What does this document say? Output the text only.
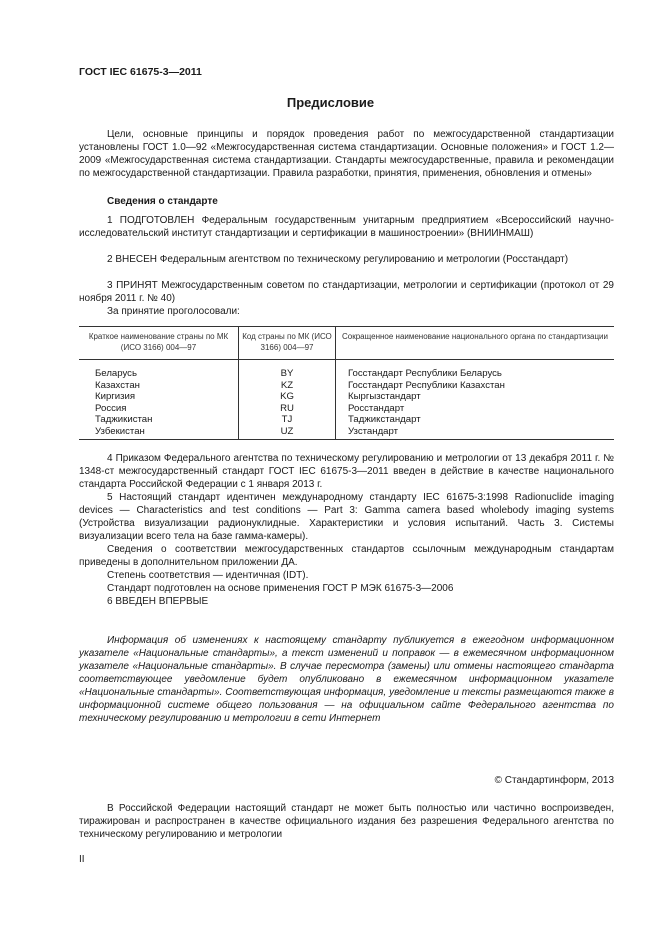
ГОСТ IEC 61675-3—2011
Предисловие
Цели, основные принципы и порядок проведения работ по межгосударственной стандартизации установлены ГОСТ 1.0—92 «Межгосударственная система стандартизации. Основные положения» и ГОСТ 1.2—2009 «Межгосударственная система стандартизации. Стандарты межгосударственные, правила и рекомендации по межгосударственной стандартизации. Правила разработки, принятия, применения, обновления и отмены»
Сведения о стандарте
1 ПОДГОТОВЛЕН Федеральным государственным унитарным предприятием «Всероссийский научно-исследовательский институт стандартизации и сертификации в машиностроении» (ВНИИНМАШ)
2 ВНЕСЕН Федеральным агентством по техническому регулированию и метрологии (Росстандарт)
3 ПРИНЯТ Межгосударственным советом по стандартизации, метрологии и сертификации (протокол от 29 ноября 2011 г. № 40)
За принятие проголосовали:
Краткое наименование страны по МК (ИСО 3166) 004—97	Код страны по МК (ИСО 3166) 004—97	Сокращенное наименование национального органа по стандартизации
Беларусь	BY	Госстандарт Республики Беларусь
Казахстан	KZ	Госстандарт Республики Казахстан
Киргизия	KG	Кыргызстандарт
Россия	RU	Росстандарт
Таджикистан	TJ	Таджикстандарт
Узбекистан	UZ	Узстандарт
4 Приказом Федерального агентства по техническому регулированию и метрологии от 13 декабря 2011 г. № 1348-ст межгосударственный стандарт ГОСТ IEC 61675-3—2011 введен в действие в качестве национального стандарта Российской Федерации с 1 января 2013 г.
5 Настоящий стандарт идентичен международному стандарту IEC 61675-3:1998 Radionuclide imaging devices — Characteristics and test conditions — Part 3: Gamma camera based wholebody imaging systems (Устройства визуализации радионуклидные. Характеристики и условия испытаний. Часть 3. Системы визуализации всего тела на базе гамма-камеры).
Сведения о соответствии межгосударственных стандартов ссылочным международным стандартам приведены в дополнительном приложении ДА.
Степень соответствия — идентичная (IDT).
Стандарт подготовлен на основе применения ГОСТ Р МЭК 61675-3—2006
6 ВВЕДЕН ВПЕРВЫЕ
Информация об изменениях к настоящему стандарту публикуется в ежегодном информационном указателе «Национальные стандарты», а текст изменений и поправок — в ежемесячном информационном указателе «Национальные стандарты». В случае пересмотра (замены) или отмены настоящего стандарта соответствующее уведомление будет опубликовано в ежемесячном информационном указателе «Национальные стандарты». Соответствующая информация, уведомление и тексты размещаются также в информационной системе общего пользования — на официальном сайте Федерального агентства по техническому регулированию и метрологии в сети Интернет
© Стандартинформ, 2013
В Российской Федерации настоящий стандарт не может быть полностью или частично воспроизведен, тиражирован и распространен в качестве официального издания без разрешения Федерального агентства по техническому регулированию и метрологии
II
